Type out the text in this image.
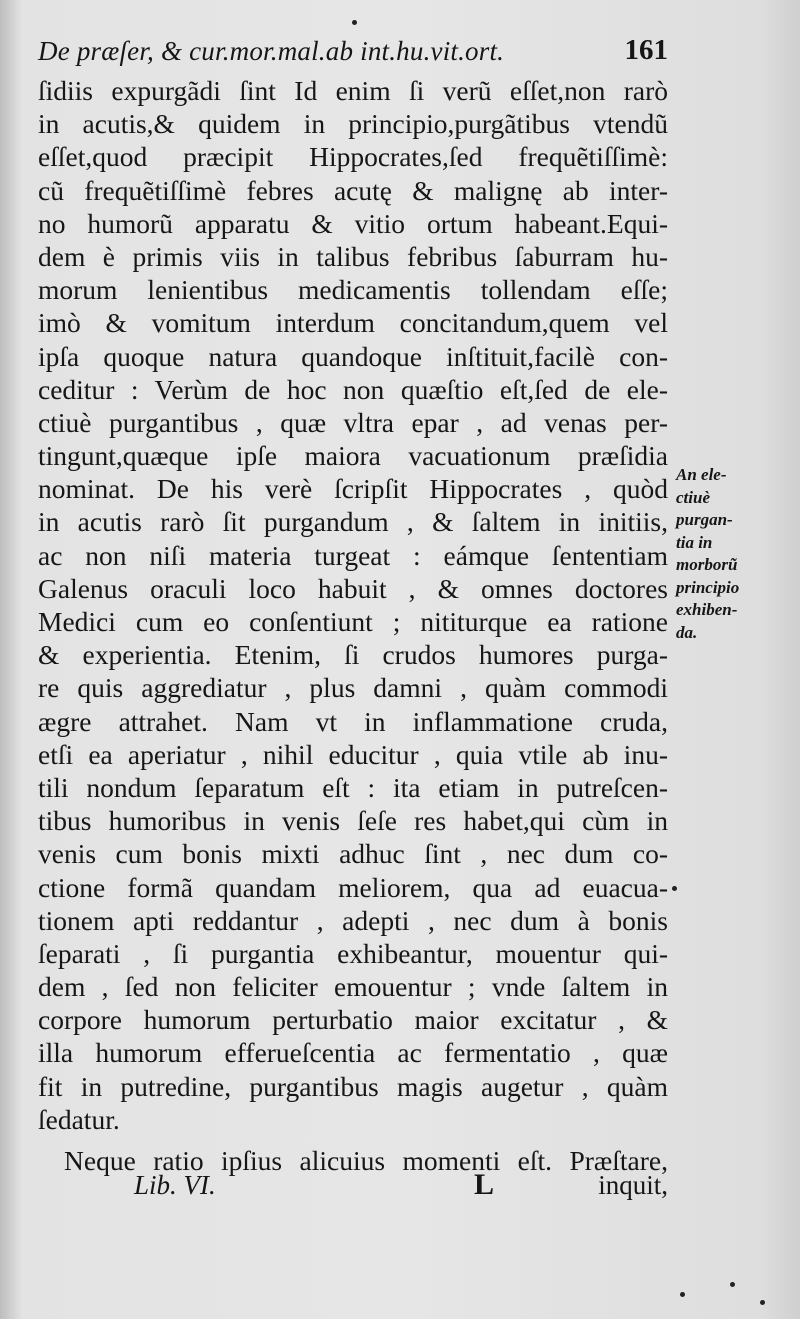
De præſer, & cur.mor.mal.ab int.hu.vit.ort.	161
ſidiis expurgãdi ſint Id enim ſi verũ eſſet,non rarò
in acutis,& quidem in principio,purgãtibus vtendũ
eſſet,quod præcipit Hippocrates,ſed frequẽtiſſimè:
cũ frequẽtiſſimè febres acutę & malignę ab inter-
no humorũ apparatu & vitio ortum habeant.Equi-
dem è primis viis in talibus febribus ſaburram hu-
morum lenientibus medicamentis tollendam eſſe;
imò & vomitum interdum concitandum,quem vel
ipſa quoque natura quandoque inſtituit,facilè con-
ceditur : Verùm de hoc non quæſtio eſt,ſed de ele-
ctiuè purgantibus , quæ vltra epar , ad venas per-
tingunt,quæque ipſe maiora vacuationum præſidia
nominat. De his verè ſcripſit Hippocrates , quòd
in acutis rarò ſit purgandum , & ſaltem in initiis,
ac non niſi materia turgeat : eámque ſententiam
Galenus oraculi loco habuit , & omnes doctores
Medici cum eo conſentiunt ; nititurque ea ratione
& experientia. Etenim, ſi crudos humores purga-
re quis aggrediatur , plus damni , quàm commodi
ægre attrahet. Nam vt in inflammatione cruda,
etſi ea aperiatur , nihil educitur , quia vtile ab inu-
tili nondum ſeparatum eſt : ita etiam in putreſcen-
tibus humoribus in venis ſeſe res habet,qui cùm in
venis cum bonis mixti adhuc ſint , nec dum co-
ctione formã quandam meliorem, qua ad euacua-
tionem apti reddantur , adepti , nec dum à bonis
ſeparati , ſi purgantia exhibeantur, mouentur qui-
dem , ſed non feliciter emouentur ; vnde ſaltem in
corpore humorum perturbatio maior excitatur , &
illa humorum efferueſcentia ac fermentatio , quæ
fit in putredine, purgantibus magis augetur , quàm
ſedatur.
Neque ratio ipſius alicuius momenti eſt. Præſtare,
An ele-
ctiuè
purgan-
tia in
morborũ
principio
exhiben-
da.
Lib. VI.	L	inquit,
